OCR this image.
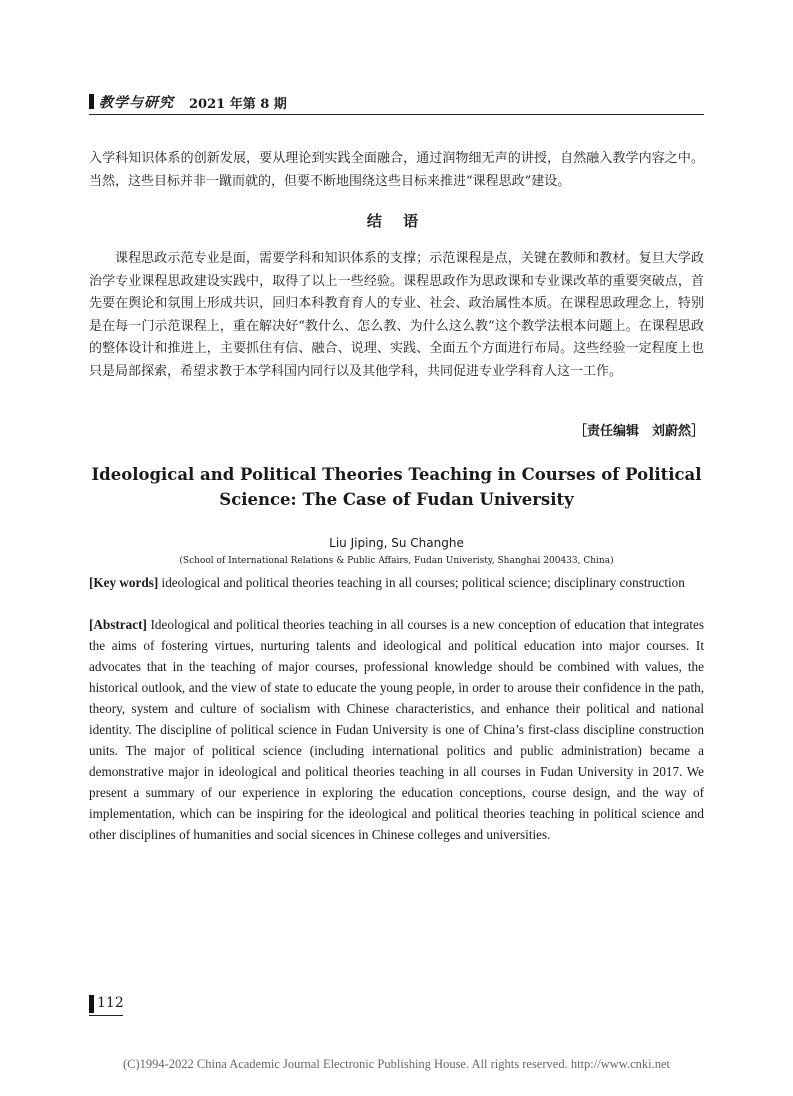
教学与研究 2021 年第 8 期

入学科知识体系的创新发展，要从理论到实践全面融合，通过润物细无声的讲授，自然融入教学内容之中。当然，这些目标并非一蹴而就的，但要不断地围绕这些目标来推进“课程思政”建设。

结 语

课程思政示范专业是面，需要学科和知识体系的支撑；示范课程是点，关键在教师和教材。复旦大学政治学专业课程思政建设实践中，取得了以上一些经验。课程思政作为思政课和专业课改革的重要突破点，首先要在舆论和氛围上形成共识，回归本科教育育人的专业、社会、政治属性本质。在课程思政理念上，特别是在每一门示范课程上，重在解决好“教什么、怎么教、为什么这么教”这个教学法根本问题上。在课程思政的整体设计和推进上，主要抓住有信、融合、说理、实践、全面五个方面进行布局。这些经验一定程度上也只是局部探索，希望求教于本学科国内同行以及其他学科，共同促进专业学科育人这一工作。

［责任编辑　刘蔚然］

Ideological and Political Theories Teaching in Courses of Political Science: The Case of Fudan University

Liu Jiping, Su Changhe

(School of International Relations & Public Affairs, Fudan Univeristy, Shanghai 200433, China)

[Key words] ideological and political theories teaching in all courses; political science; disciplinary construction

[Abstract] Ideological and political theories teaching in all courses is a new conception of education that integrates the aims of fostering virtues, nurturing talents and ideological and political education into major courses. It advocates that in the teaching of major courses, professional knowledge should be combined with values, the historical outlook, and the view of state to educate the young people, in order to arouse their confidence in the path, theory, system and culture of socialism with Chinese characteristics, and enhance their political and national identity. The discipline of political science in Fudan University is one of China’s first-class discipline construction units. The major of political science (including international politics and public administration) became a demonstrative major in ideological and political theories teaching in all courses in Fudan University in 2017. We present a summary of our experience in exploring the education conceptions, course design, and the way of implementation, which can be inspiring for the ideological and political theories teaching in political science and other disciplines of humanities and social sicences in Chinese colleges and universities.

112

(C)1994-2022 China Academic Journal Electronic Publishing House. All rights reserved. http://www.cnki.net
